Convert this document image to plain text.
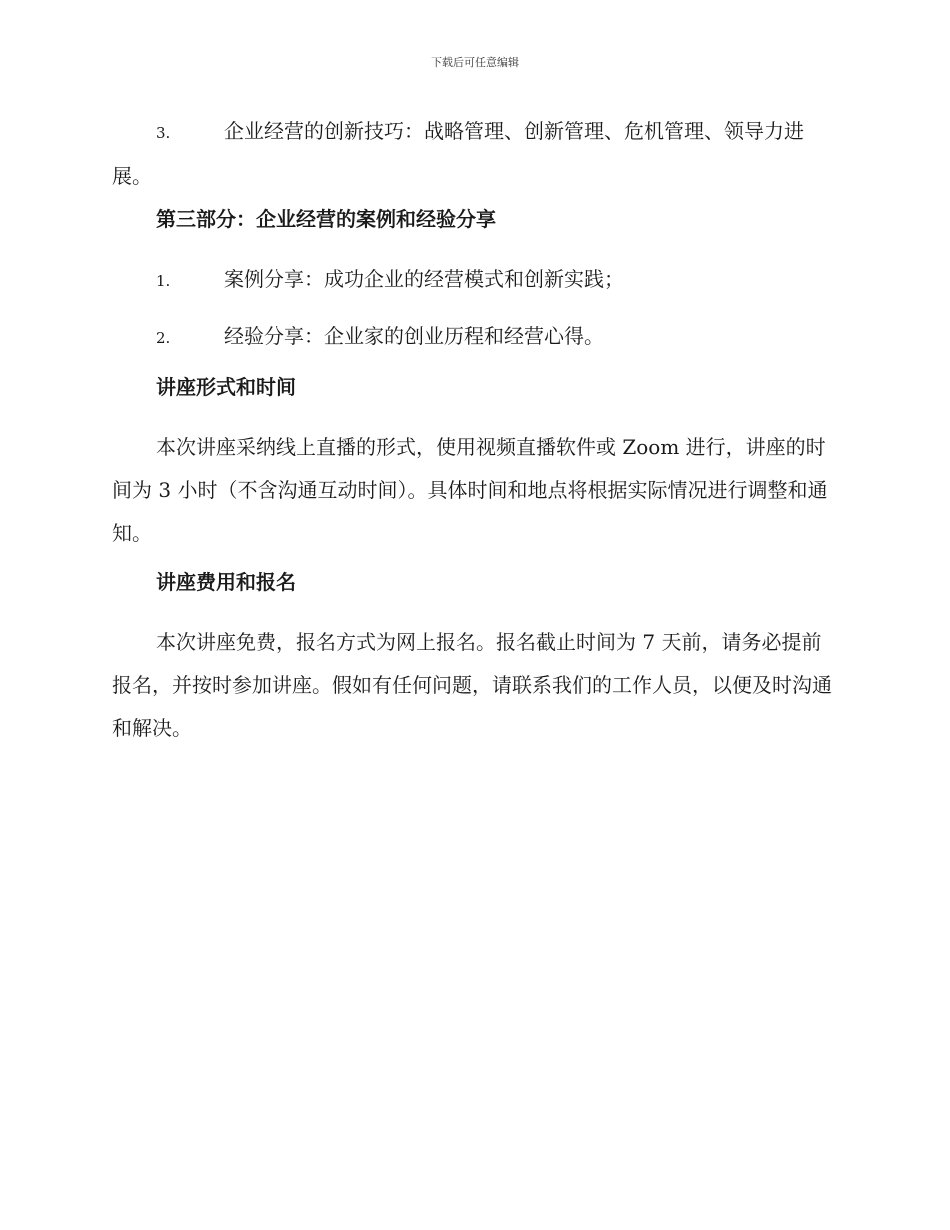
下载后可任意编辑
3.	企业经营的创新技巧：战略管理、创新管理、危机管理、领导力进展。
第三部分：企业经营的案例和经验分享
1.	案例分享：成功企业的经营模式和创新实践；
2.	经验分享：企业家的创业历程和经营心得。
讲座形式和时间

本次讲座采纳线上直播的形式，使用视频直播软件或 Zoom 进行，讲座的时间为 3 小时（不含沟通互动时间）。具体时间和地点将根据实际情况进行调整和通知。

讲座费用和报名

本次讲座免费，报名方式为网上报名。报名截止时间为 7 天前，请务必提前报名，并按时参加讲座。假如有任何问题，请联系我们的工作人员，以便及时沟通和解决。
